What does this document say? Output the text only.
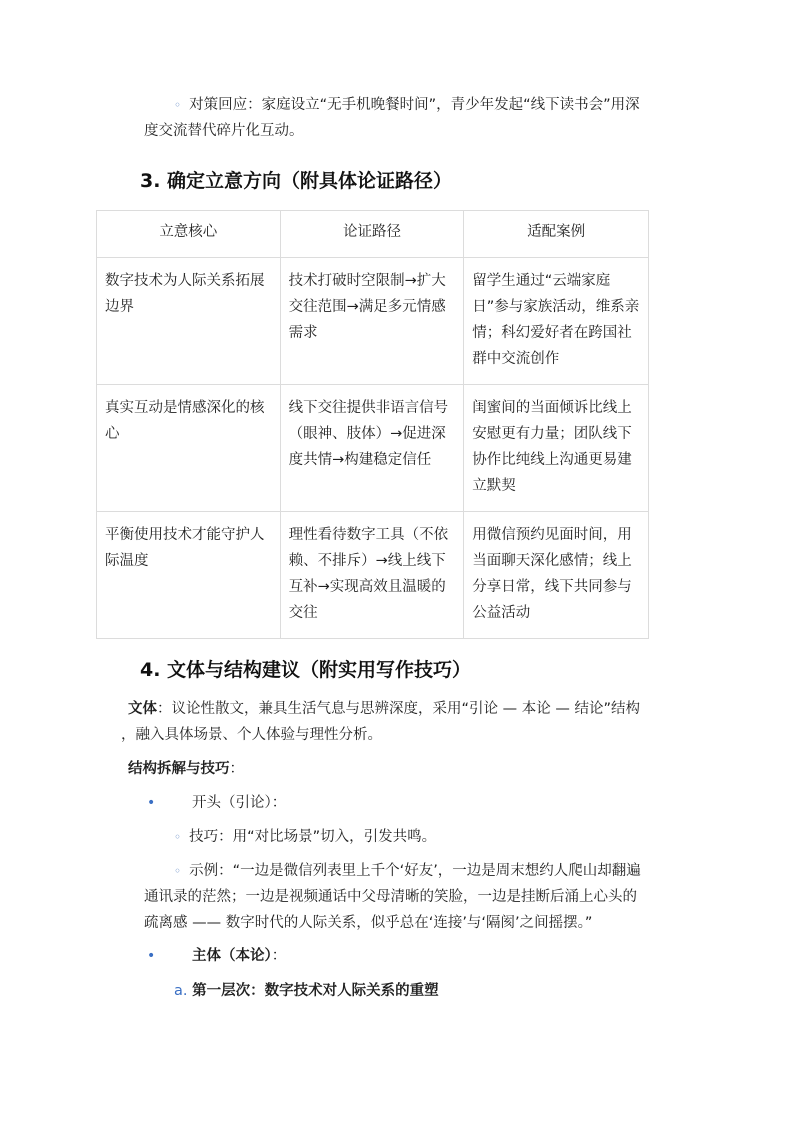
◦ 对策回应：家庭设立“无手机晚餐时间”，青少年发起“线下读书会”用深
度交流替代碎片化互动。
3. 确定立意方向（附具体论证路径）
立意核心	论证路径	适配案例
数字技术为人际关系拓展边界	技术打破时空限制→扩大交往范围→满足多元情感需求	留学生通过“云端家庭日”参与家族活动，维系亲情；科幻爱好者在跨国社群中交流创作
真实互动是情感深化的核心	线下交往提供非语言信号（眼神、肢体）→促进深度共情→构建稳定信任	闺蜜间的当面倾诉比线上安慰更有力量；团队线下协作比纯线上沟通更易建立默契
平衡使用技术才能守护人际温度	理性看待数字工具（不依赖、不排斥）→线上线下互补→实现高效且温暖的交往	用微信预约见面时间，用当面聊天深化感情；线上分享日常，线下共同参与公益活动
4. 文体与结构建议（附实用写作技巧）
文体：议论性散文，兼具生活气息与思辨深度，采用“引论 — 本论 — 结论”结构
，融入具体场景、个人体验与理性分析。
结构拆解与技巧：
•	开头（引论）：
◦ 技巧：用“对比场景”切入，引发共鸣。
◦ 示例：“一边是微信列表里上千个‘好友’，一边是周末想约人爬山却翻遍
通讯录的茫然；一边是视频通话中父母清晰的笑脸，一边是挂断后涌上心头的
疏离感 —— 数字时代的人际关系，似乎总在‘连接’与‘隔阂’之间摇摆。”
•	主体（本论）：
a. 第一层次：数字技术对人际关系的重塑
